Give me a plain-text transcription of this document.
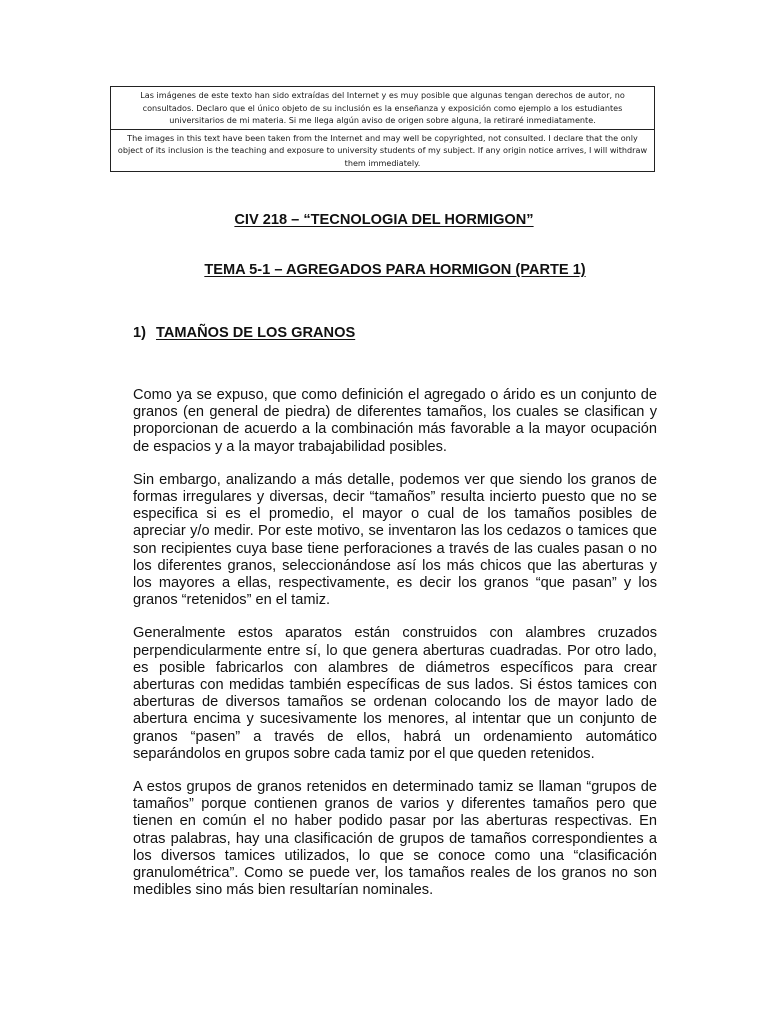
Las imágenes de este texto han sido extraídas del Internet y es muy posible que algunas tengan derechos de autor, no consultados. Declaro que el único objeto de su inclusión es la enseñanza y exposición como ejemplo a los estudiantes universitarios de mi materia. Si me llega algún aviso de origen sobre alguna, la retiraré inmediatamente.
The images in this text have been taken from the Internet and may well be copyrighted, not consulted. I declare that the only object of its inclusion is the teaching and exposure to university students of my subject. If any origin notice arrives, I will withdraw them immediately.
CIV 218 – “TECNOLOGIA DEL HORMIGON”
TEMA 5-1 – AGREGADOS PARA HORMIGON (PARTE 1)
1) TAMAÑOS DE LOS GRANOS

Como ya se expuso, que como definición el agregado o árido es un conjunto de granos (en general de piedra) de diferentes tamaños, los cuales se clasifican y proporcionan de acuerdo a la combinación más favorable a la mayor ocupación de espacios y a la mayor trabajabilidad posibles.

Sin embargo, analizando a más detalle, podemos ver que siendo los granos de formas irregulares y diversas, decir “tamaños” resulta incierto puesto que no se especifica si es el promedio, el mayor o cual de los tamaños posibles de apreciar y/o medir. Por este motivo, se inventaron las los cedazos o tamices que son recipientes cuya base tiene perforaciones a través de las cuales pasan o no los diferentes granos, seleccionándose así los más chicos que las aberturas y los mayores a ellas, respectivamente, es decir los granos “que pasan” y los granos “retenidos” en el tamiz.

Generalmente estos aparatos están construidos con alambres cruzados perpendicularmente entre sí, lo que genera aberturas cuadradas. Por otro lado, es posible fabricarlos con alambres de diámetros específicos para crear aberturas con medidas también específicas de sus lados. Si éstos tamices con aberturas de diversos tamaños se ordenan colocando los de mayor lado de abertura encima y sucesivamente los menores, al intentar que un conjunto de granos “pasen” a través de ellos, habrá un ordenamiento automático separándolos en grupos sobre cada tamiz por el que queden retenidos.

A estos grupos de granos retenidos en determinado tamiz se llaman “grupos de tamaños” porque contienen granos de varios y diferentes tamaños pero que tienen en común el no haber podido pasar por las aberturas respectivas. En otras palabras, hay una clasificación de grupos de tamaños correspondientes a los diversos tamices utilizados, lo que se conoce como una “clasificación granulométrica”. Como se puede ver, los tamaños reales de los granos no son medibles sino más bien resultarían nominales.
